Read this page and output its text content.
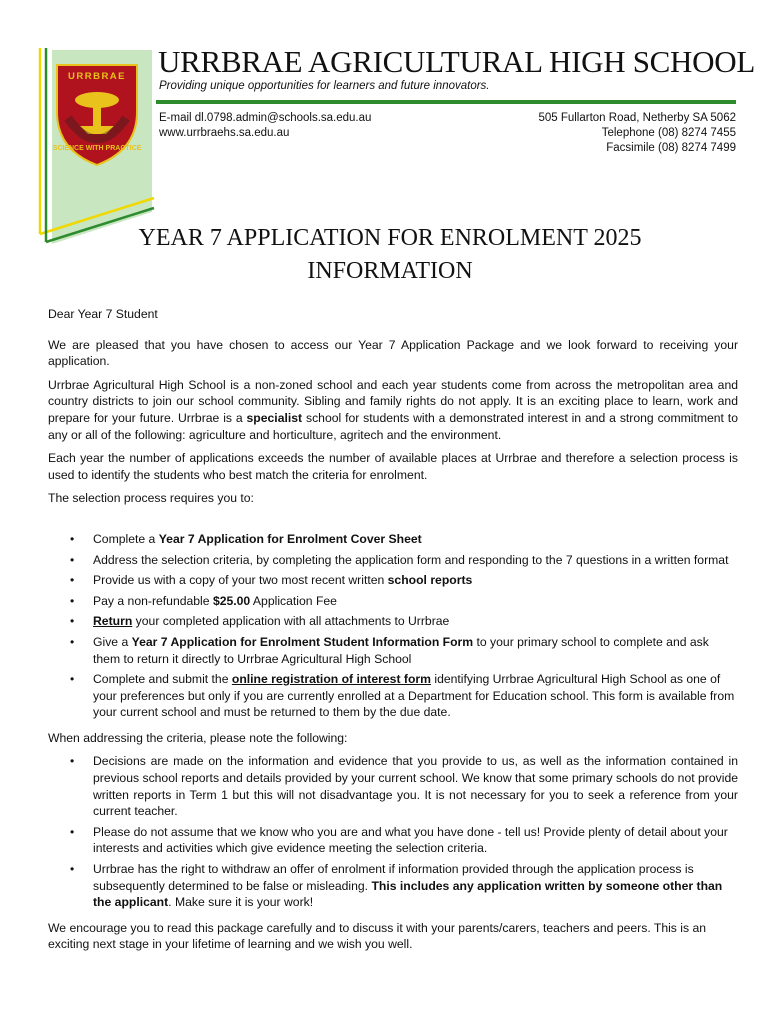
URRBRAE
SCIENCE WITH PRACTICE
URRBRAE AGRICULTURAL HIGH SCHOOL
Providing unique opportunities for learners and future innovators.
E-mail dl.0798.admin@schools.sa.edu.au
www.urrbraehs.sa.edu.au
505 Fullarton Road, Netherby SA 5062
Telephone (08) 8274 7455
Facsimile (08) 8274 7499
YEAR 7 APPLICATION FOR ENROLMENT 2025
INFORMATION

Dear Year 7 Student

We are pleased that you have chosen to access our Year 7 Application Package and we look forward to receiving your application.

Urrbrae Agricultural High School is a non-zoned school and each year students come from across the metropolitan area and country districts to join our school community. Sibling and family rights do not apply. It is an exciting place to learn, work and prepare for your future. Urrbrae is a specialist school for students with a demonstrated interest in and a strong commitment to any or all of the following: agriculture and horticulture, agritech and the environment.

Each year the number of applications exceeds the number of available places at Urrbrae and therefore a selection process is used to identify the students who best match the criteria for enrolment.

The selection process requires you to:

• Complete a Year 7 Application for Enrolment Cover Sheet
• Address the selection criteria, by completing the application form and responding to the 7 questions in a written format
• Provide us with a copy of your two most recent written school reports
• Pay a non-refundable $25.00 Application Fee
• Return your completed application with all attachments to Urrbrae
• Give a Year 7 Application for Enrolment Student Information Form to your primary school to complete and ask them to return it directly to Urrbrae Agricultural High School
• Complete and submit the online registration of interest form identifying Urrbrae Agricultural High School as one of your preferences but only if you are currently enrolled at a Department for Education school. This form is available from your current school and must be returned to them by the due date.

When addressing the criteria, please note the following:

• Decisions are made on the information and evidence that you provide to us, as well as the information contained in previous school reports and details provided by your current school. We know that some primary schools do not provide written reports in Term 1 but this will not disadvantage you. It is not necessary for you to seek a reference from your current teacher.
• Please do not assume that we know who you are and what you have done - tell us! Provide plenty of detail about your interests and activities which give evidence meeting the selection criteria.
• Urrbrae has the right to withdraw an offer of enrolment if information provided through the application process is subsequently determined to be false or misleading. This includes any application written by someone other than the applicant. Make sure it is your work!

We encourage you to read this package carefully and to discuss it with your parents/carers, teachers and peers. This is an exciting next stage in your lifetime of learning and we wish you well.
